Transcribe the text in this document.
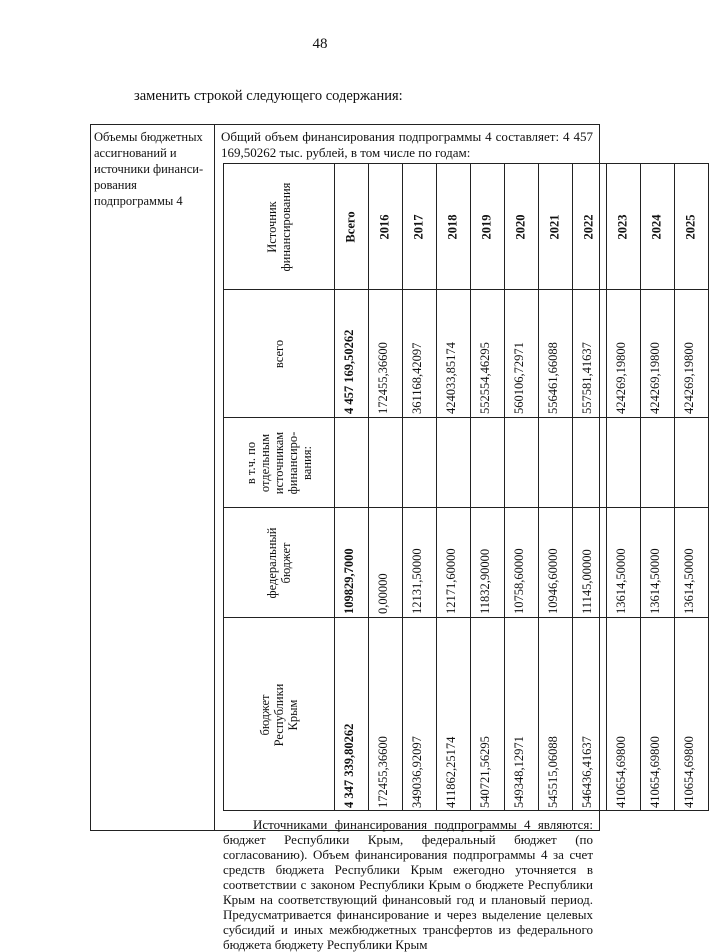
48
заменить строкой следующего содержания:
Объемы бюджетных ассигнований и источники финанси-рования подпрограммы 4
Общий объем финансирования подпрограммы 4 составляет: 4 457 169,50262 тыс. рублей, в том числе по годам:
Источник финансирования
всего
в т.ч. по отдельным источникам финансиро-вания:
федеральный бюджет
бюджет Республики Крым
Всего
4 457 169,50262
109829,7000
4 347 339,80262
2016
172455,36600
0,00000
172455,36600
2017
361168,42097
12131,50000
349036,92097
2018
424033,85174
12171,60000
411862,25174
2019
552554,46295
11832,90000
540721,56295
2020
560106,72971
10758,60000
549348,12971
2021
556461,66088
10946,60000
545515,06088
2022
557581,41637
11145,00000
546436,41637
2023
424269,19800
13614,50000
410654,69800
2024
424269,19800
13614,50000
410654,69800
2025
424269,19800
13614,50000
410654,69800
Источниками финансирования подпрограммы 4 являются: бюджет Республики Крым, федеральный бюджет (по согласованию). Объем финансирования подпрограммы 4 за счет средств бюджета Республики Крым ежегодно уточняется в соответствии с законом Республики Крым о бюджете Республики Крым на соответствующий финансовый год и плановый период. Предусматривается финансирование и через выделение целевых субсидий и иных межбюджетных трансфертов из федерального бюджета бюджету Республики Крым
